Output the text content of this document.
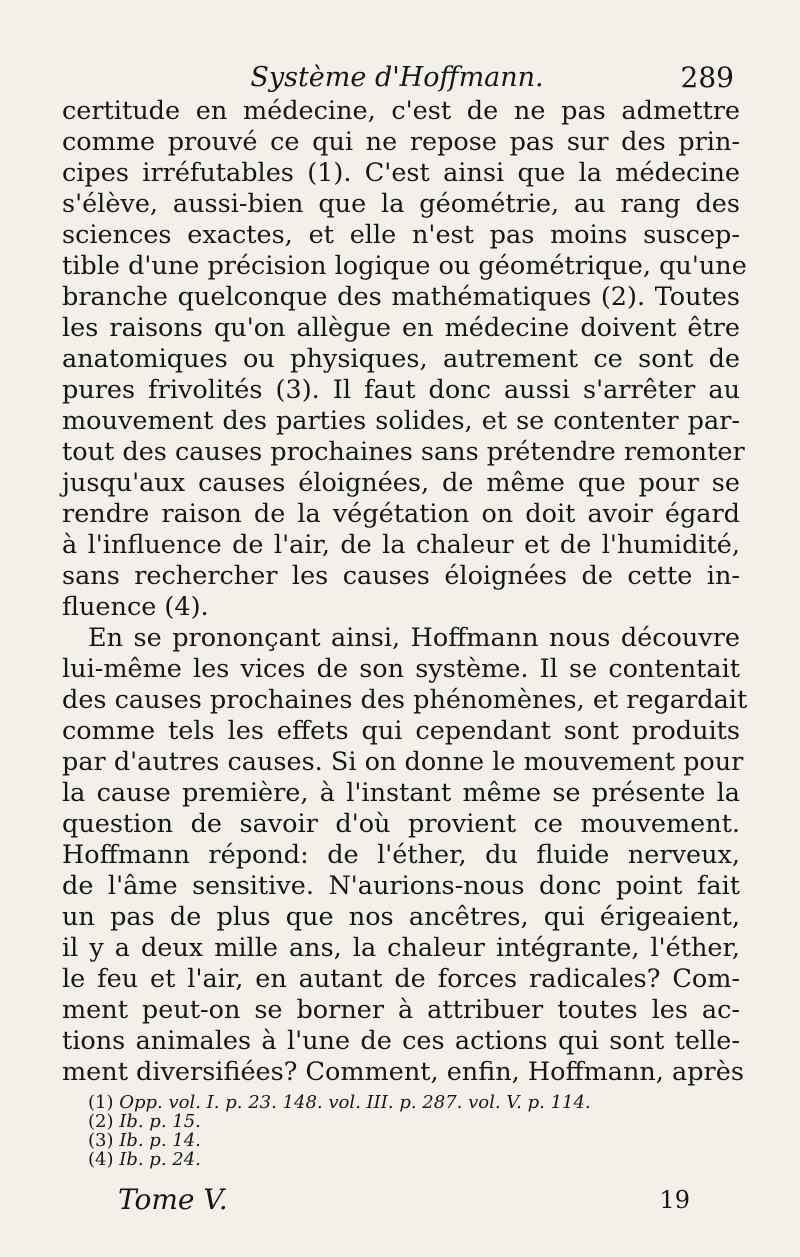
Système d'Hoffmann.	289
certitude en médecine, c'est de ne pas admettre
comme prouvé ce qui ne repose pas sur des prin-
cipes irréfutables (1). C'est ainsi que la médecine
s'élève, aussi-bien que la géométrie, au rang des
sciences exactes, et elle n'est pas moins suscep-
tible d'une précision logique ou géométrique, qu'une
branche quelconque des mathématiques (2). Toutes
les raisons qu'on allègue en médecine doivent être
anatomiques ou physiques, autrement ce sont de
pures frivolités (3). Il faut donc aussi s'arrêter au
mouvement des parties solides, et se contenter par-
tout des causes prochaines sans prétendre remonter
jusqu'aux causes éloignées, de même que pour se
rendre raison de la végétation on doit avoir égard
à l'influence de l'air, de la chaleur et de l'humidité,
sans rechercher les causes éloignées de cette in-
fluence (4).
En se prononçant ainsi, Hoffmann nous découvre
lui-même les vices de son système. Il se contentait
des causes prochaines des phénomènes, et regardait
comme tels les effets qui cependant sont produits
par d'autres causes. Si on donne le mouvement pour
la cause première, à l'instant même se présente la
question de savoir d'où provient ce mouvement.
Hoffmann répond: de l'éther, du fluide nerveux,
de l'âme sensitive. N'aurions-nous donc point fait
un pas de plus que nos ancêtres, qui érigeaient,
il y a deux mille ans, la chaleur intégrante, l'éther,
le feu et l'air, en autant de forces radicales? Com-
ment peut-on se borner à attribuer toutes les ac-
tions animales à l'une de ces actions qui sont telle-
ment diversifiées? Comment, enfin, Hoffmann, après
(1) Opp. vol. I. p. 23. 148. vol. III. p. 287. vol. V. p. 114.
(2) Ib. p. 15.
(3) Ib. p. 14.
(4) Ib. p. 24.
Tome V.	19
